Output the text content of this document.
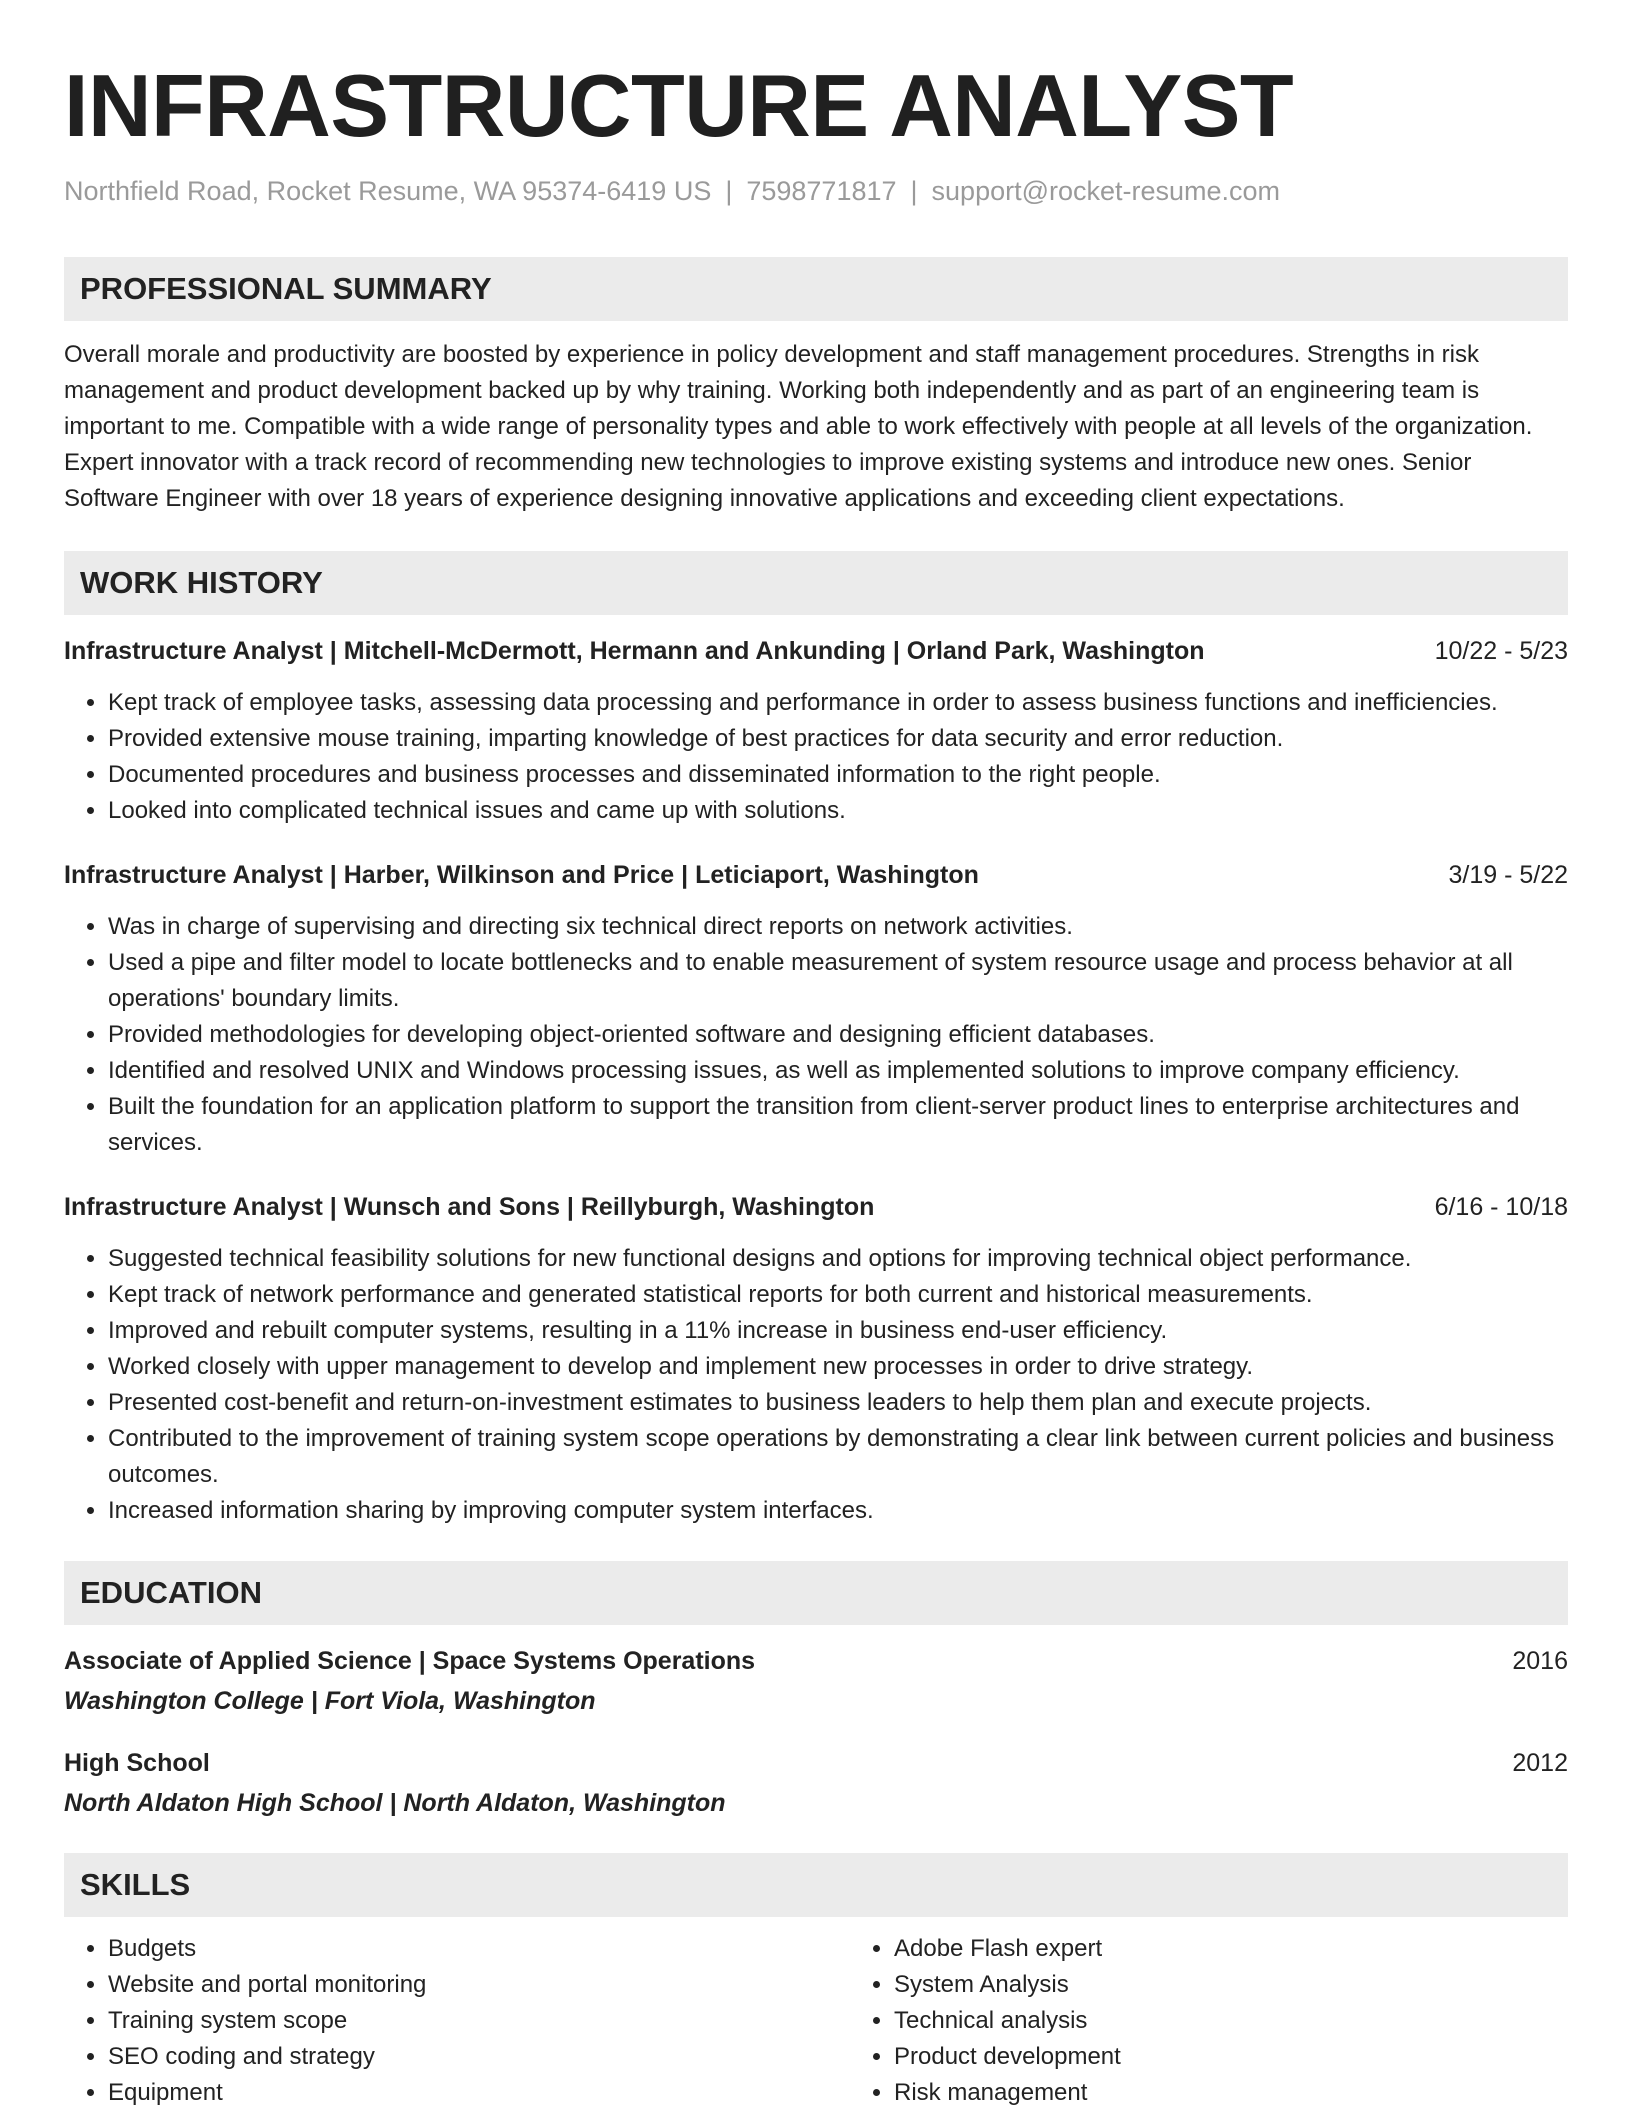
INFRASTRUCTURE ANALYST
Northfield Road, Rocket Resume, WA 95374-6419 US | 7598771817 | support@rocket-resume.com
PROFESSIONAL SUMMARY
Overall morale and productivity are boosted by experience in policy development and staff management procedures. Strengths in risk management and product development backed up by why training. Working both independently and as part of an engineering team is important to me. Compatible with a wide range of personality types and able to work effectively with people at all levels of the organization. Expert innovator with a track record of recommending new technologies to improve existing systems and introduce new ones. Senior Software Engineer with over 18 years of experience designing innovative applications and exceeding client expectations.
WORK HISTORY
Infrastructure Analyst | Mitchell-McDermott, Hermann and Ankunding | Orland Park, Washington	10/22 - 5/23
• Kept track of employee tasks, assessing data processing and performance in order to assess business functions and inefficiencies.
• Provided extensive mouse training, imparting knowledge of best practices for data security and error reduction.
• Documented procedures and business processes and disseminated information to the right people.
• Looked into complicated technical issues and came up with solutions.
Infrastructure Analyst | Harber, Wilkinson and Price | Leticiaport, Washington	3/19 - 5/22
• Was in charge of supervising and directing six technical direct reports on network activities.
• Used a pipe and filter model to locate bottlenecks and to enable measurement of system resource usage and process behavior at all operations' boundary limits.
• Provided methodologies for developing object-oriented software and designing efficient databases.
• Identified and resolved UNIX and Windows processing issues, as well as implemented solutions to improve company efficiency.
• Built the foundation for an application platform to support the transition from client-server product lines to enterprise architectures and services.
Infrastructure Analyst | Wunsch and Sons | Reillyburgh, Washington	6/16 - 10/18
• Suggested technical feasibility solutions for new functional designs and options for improving technical object performance.
• Kept track of network performance and generated statistical reports for both current and historical measurements.
• Improved and rebuilt computer systems, resulting in a 11% increase in business end-user efficiency.
• Worked closely with upper management to develop and implement new processes in order to drive strategy.
• Presented cost-benefit and return-on-investment estimates to business leaders to help them plan and execute projects.
• Contributed to the improvement of training system scope operations by demonstrating a clear link between current policies and business outcomes.
• Increased information sharing by improving computer system interfaces.
EDUCATION
Associate of Applied Science | Space Systems Operations	2016
Washington College | Fort Viola, Washington
High School	2012
North Aldaton High School | North Aldaton, Washington
SKILLS
• Budgets
• Website and portal monitoring
• Training system scope
• SEO coding and strategy
• Equipment
• Adobe Flash expert
• System Analysis
• Technical analysis
• Product development
• Risk management
